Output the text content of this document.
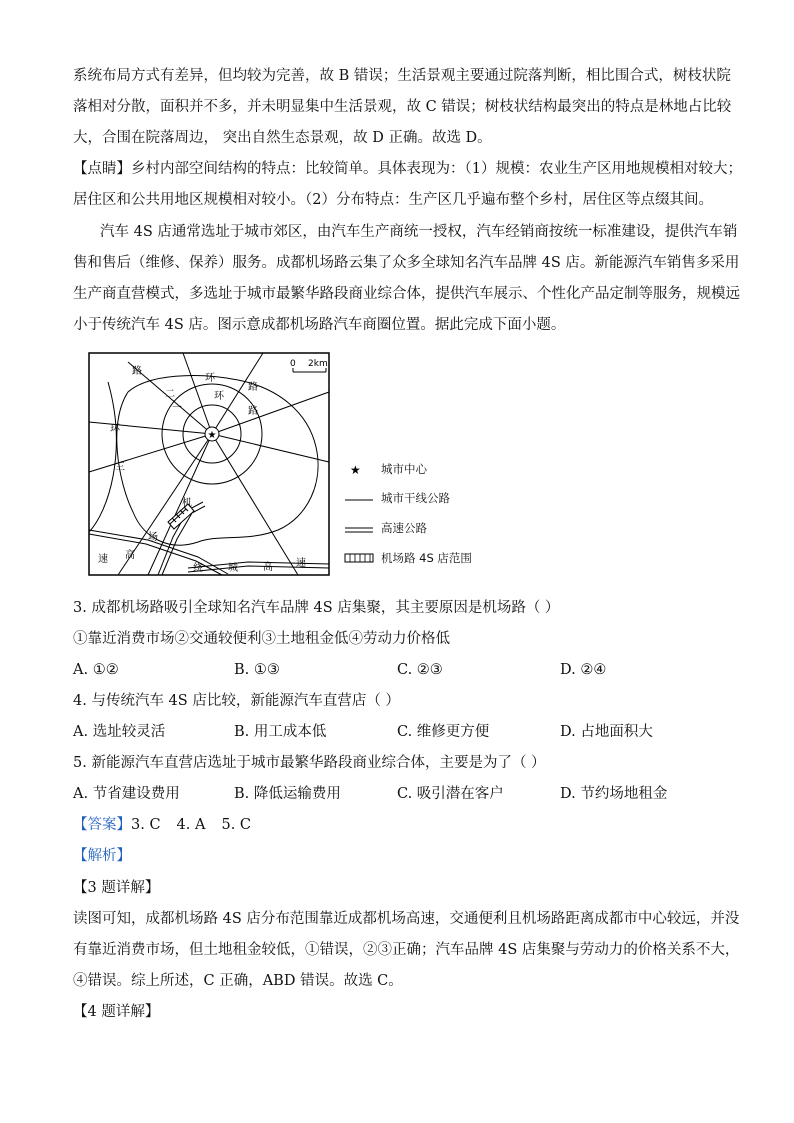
系统布局方式有差异，但均较为完善，故 B 错误；生活景观主要通过院落判断，相比围合式，树枝状院
落相对分散，面积并不多，并未明显集中生活景观，故 C 错误；树枝状结构最突出的特点是林地占比较
大，合围在院落周边， 突出自然生态景观，故 D 正确。故选 D。
【点睛】乡村内部空间结构的特点：比较简单。具体表现为：（1）规模：农业生产区用地规模相对较大；
居住区和公共用地区规模相对较小。（2）分布特点：生产区几乎遍布整个乡村，居住区等点缀其间。
汽车 4S 店通常选址于城市郊区，由汽车生产商统一授权，汽车经销商按统一标准建设，提供汽车销
售和售后（维修、保养）服务。成都机场路云集了众多全球知名汽车品牌 4S 店。新能源汽车销售多采用
生产商直营模式，多选址于城市最繁华路段商业综合体，提供汽车展示、个性化产品定制等服务，规模远
小于传统汽车 4S 店。图示意成都机场路汽车商圈位置。据此完成下面小题。
★
0 2km
路
环
路
二
一
环
路
环
三
机
场
速 高
绕	城	高 速
★ 城市中心
城市干线公路
高速公路
机场路 4S 店范围
3. 成都机场路吸引全球知名汽车品牌 4S 店集聚，其主要原因是机场路（ ）
①靠近消费市场②交通较便利③土地租金低④劳动力价格低
A. ①②	B. ①③	C. ②③	D. ②④
4. 与传统汽车 4S 店比较，新能源汽车直营店（ ）
A. 选址较灵活	B. 用工成本低	C. 维修更方便	D. 占地面积大
5. 新能源汽车直营店选址于城市最繁华路段商业综合体，主要是为了（ ）
A. 节省建设费用	B. 降低运输费用	C. 吸引潜在客户	D. 节约场地租金
【答案】3. C 4. A 5. C
【解析】
【3 题详解】
读图可知，成都机场路 4S 店分布范围靠近成都机场高速，交通便利且机场路距离成都市中心较远，并没
有靠近消费市场，但土地租金较低，①错误，②③正确；汽车品牌 4S 店集聚与劳动力的价格关系不大，
④错误。综上所述，C 正确，ABD 错误。故选 C。
【4 题详解】
